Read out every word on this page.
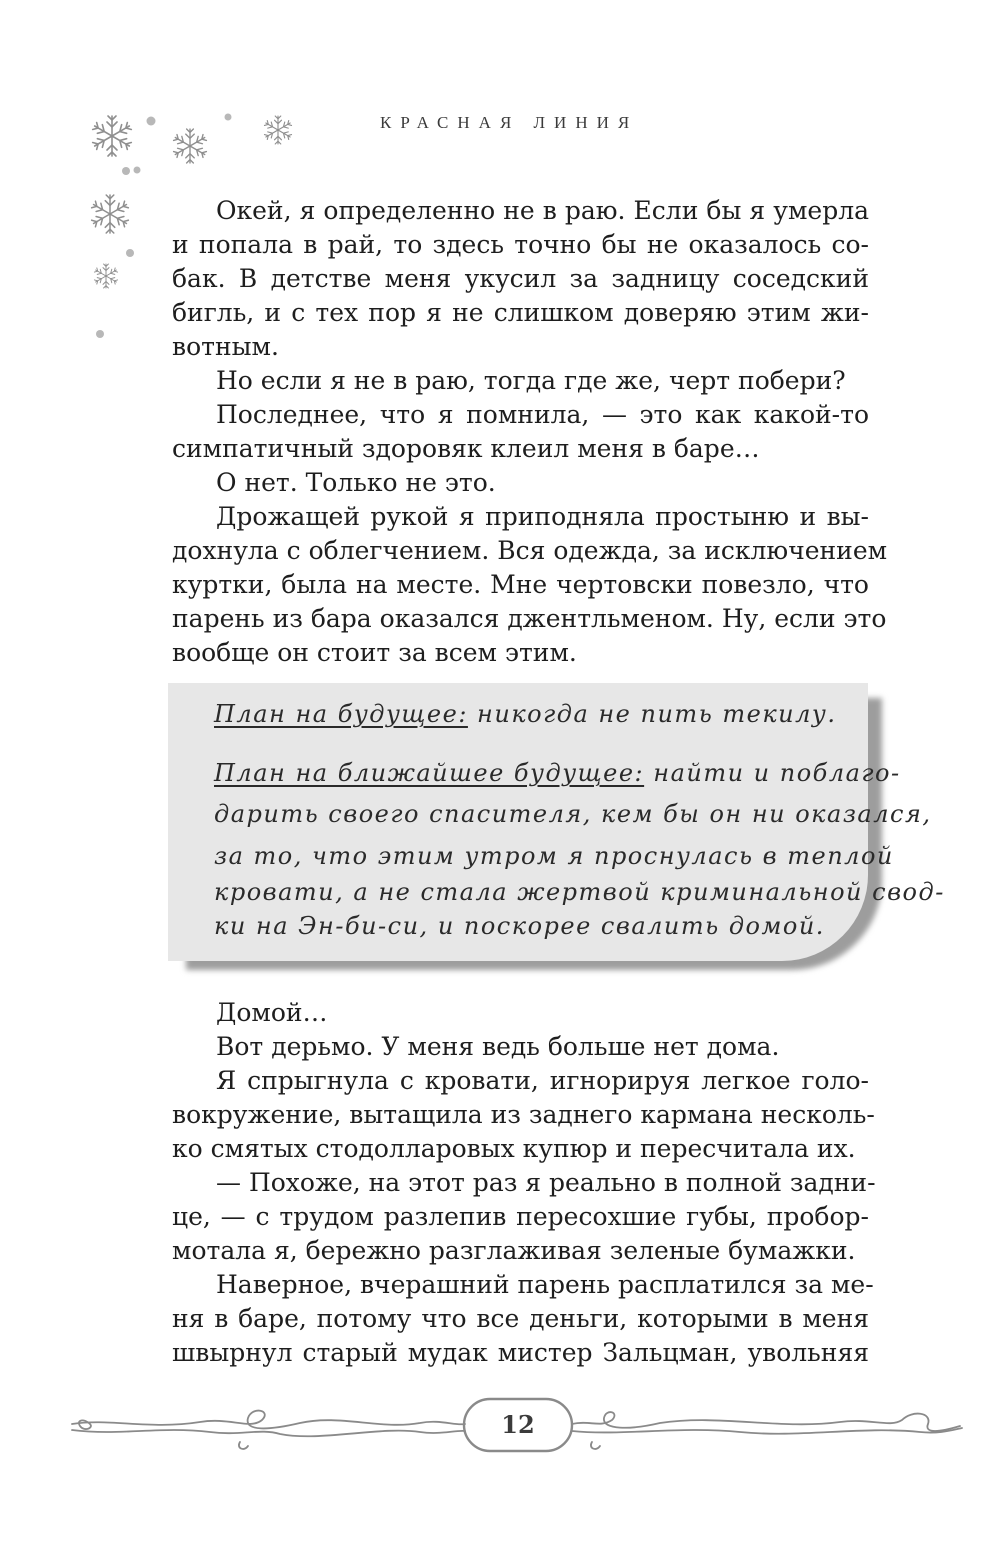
КРАСНАЯ ЛИНИЯ
Окей, я определенно не в раю. Если бы я умерла
и попала в рай, то здесь точно бы не оказалось со-
бак. В детстве меня укусил за задницу соседский
бигль, и с тех пор я не слишком доверяю этим жи-
вотным.
Но если я не в раю, тогда где же, черт побери?
Последнее, что я помнила, — это как какой-то
симпатичный здоровяк клеил меня в баре…
О нет. Только не это.
Дрожащей рукой я приподняла простыню и вы-
дохнула с облегчением. Вся одежда, за исключением
куртки, была на месте. Мне чертовски повезло, что
парень из бара оказался джентльменом. Ну, если это
вообще он стоит за всем этим.

План на будущее: никогда не пить текилу.

План на ближайшее будущее: найти и поблаго-

дарить своего спасителя, кем бы он ни оказался,

за то, что этим утром я проснулась в теплой

кровати, а не стала жертвой криминальной свод-

ки на Эн-би-си, и поскорее свалить домой.

Домой…
Вот дерьмо. У меня ведь больше нет дома.
Я спрыгнула с кровати, игнорируя легкое голо-
вокружение, вытащила из заднего кармана несколь-
ко смятых стодолларовых купюр и пересчитала их.
— Похоже, на этот раз я реально в полной задни-
це, — с трудом разлепив пересохшие губы, пробор-
мотала я, бережно разглаживая зеленые бумажки.
Наверное, вчерашний парень расплатился за ме-
ня в баре, потому что все деньги, которыми в меня
швырнул старый мудак мистер Зальцман, увольняя
12
